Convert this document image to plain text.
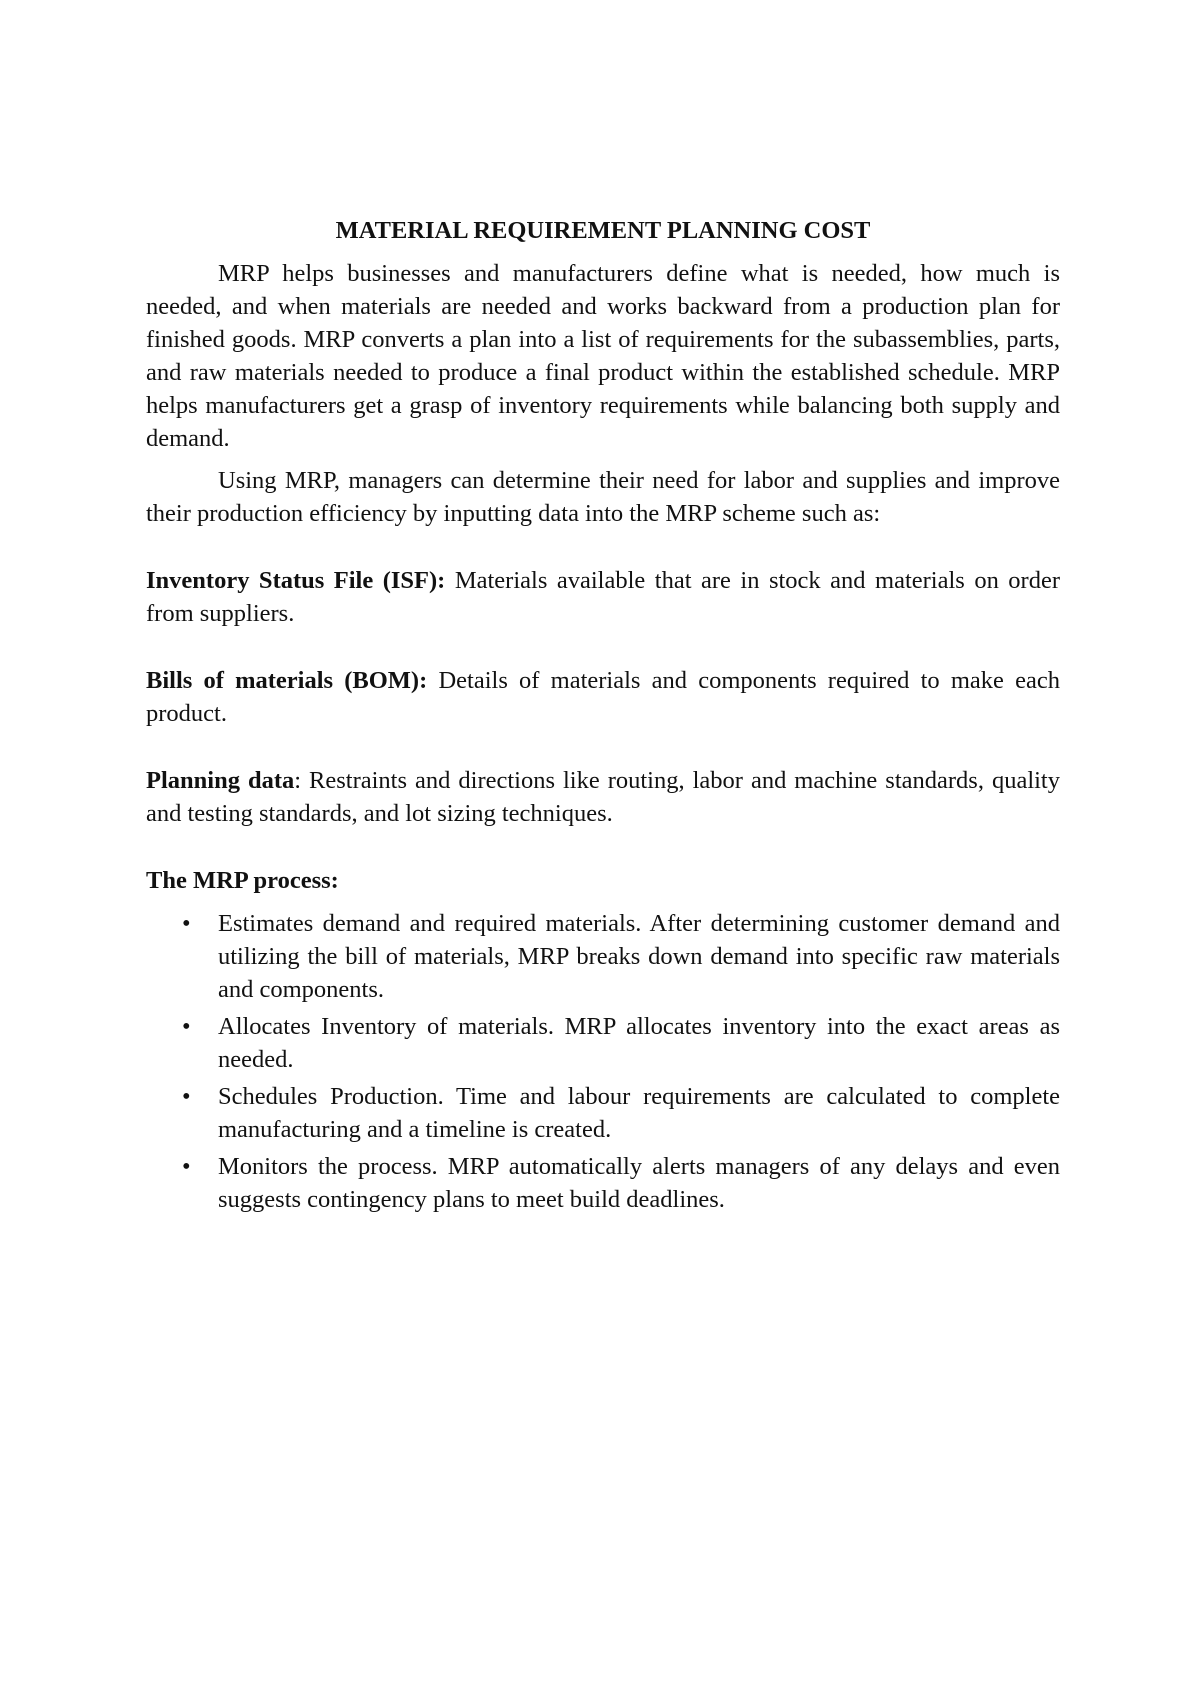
MATERIAL REQUIREMENT PLANNING COST

MRP helps businesses and manufacturers define what is needed, how much is needed, and when materials are needed and works backward from a production plan for finished goods. MRP converts a plan into a list of requirements for the subassemblies, parts, and raw materials needed to produce a final product within the established schedule. MRP helps manufacturers get a grasp of inventory requirements while balancing both supply and demand.

Using MRP, managers can determine their need for labor and supplies and improve their production efficiency by inputting data into the MRP scheme such as:

Inventory Status File (ISF): Materials available that are in stock and materials on order from suppliers.

Bills of materials (BOM): Details of materials and components required to make each product.

Planning data: Restraints and directions like routing, labor and machine standards, quality and testing standards, and lot sizing techniques.

The MRP process:
• Estimates demand and required materials. After determining customer demand and utilizing the bill of materials, MRP breaks down demand into specific raw materials and components.
• Allocates Inventory of materials. MRP allocates inventory into the exact areas as needed.
• Schedules Production. Time and labour requirements are calculated to complete manufacturing and a timeline is created.
• Monitors the process. MRP automatically alerts managers of any delays and even suggests contingency plans to meet build deadlines.
